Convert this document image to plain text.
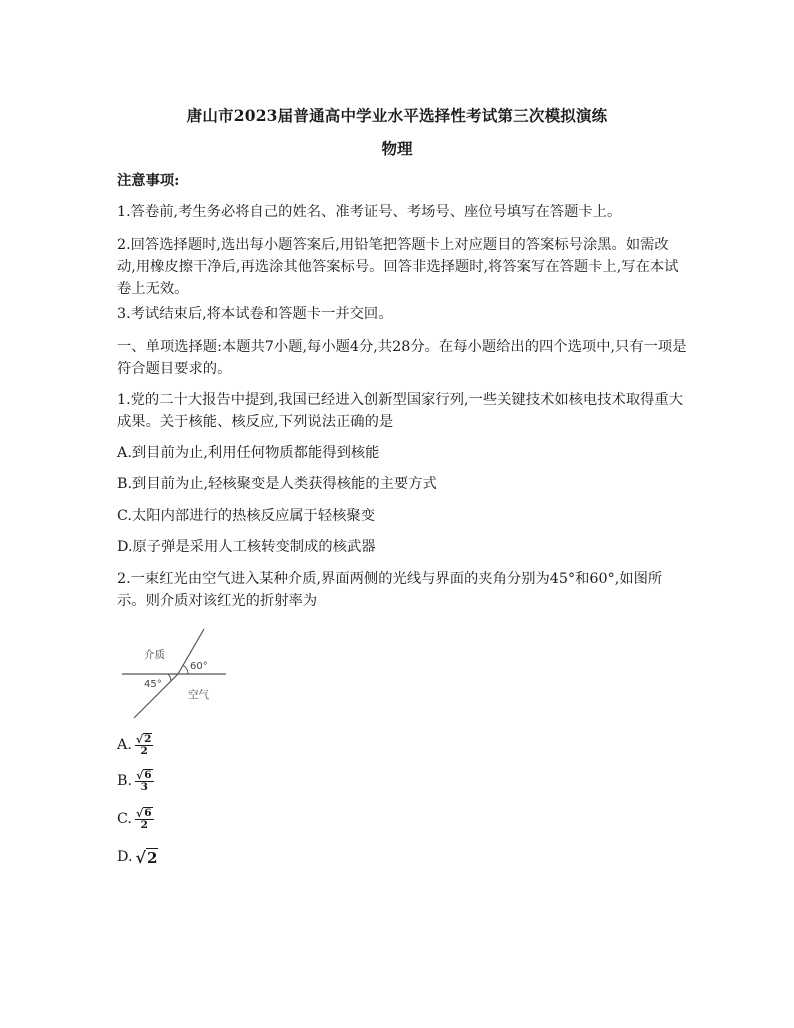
唐山市2023届普通高中学业水平选择性考试第三次模拟演练
物理

注意事项:

1.答卷前,考生务必将自己的姓名、准考证号、考场号、座位号填写在答题卡上。

2.回答选择题时,选出每小题答案后,用铅笔把答题卡上对应题目的答案标号涂黑。如需改动,用橡皮擦干净后,再选涂其他答案标号。回答非选择题时,将答案写在答题卡上,写在本试卷上无效。

3.考试结束后,将本试卷和答题卡一并交回。

一、单项选择题:本题共7小题,每小题4分,共28分。在每小题给出的四个选项中,只有一项是符合题目要求的。

1.党的二十大报告中提到,我国已经进入创新型国家行列,一些关键技术如核电技术取得重大成果。关于核能、核反应,下列说法正确的是

A.到目前为止,利用任何物质都能得到核能

B.到目前为止,轻核聚变是人类获得核能的主要方式

C.太阳内部进行的热核反应属于轻核聚变

D.原子弹是采用人工核转变制成的核武器

2.一束红光由空气进入某种介质,界面两侧的光线与界面的夹角分别为45°和60°,如图所示。则介质对该红光的折射率为

介质
60°
45°
空气
A. $\frac{√ 2}{2}$
B. $\frac{√ 6}{3}$
C. $\frac{√ 6}{2}$
D. √ 2
